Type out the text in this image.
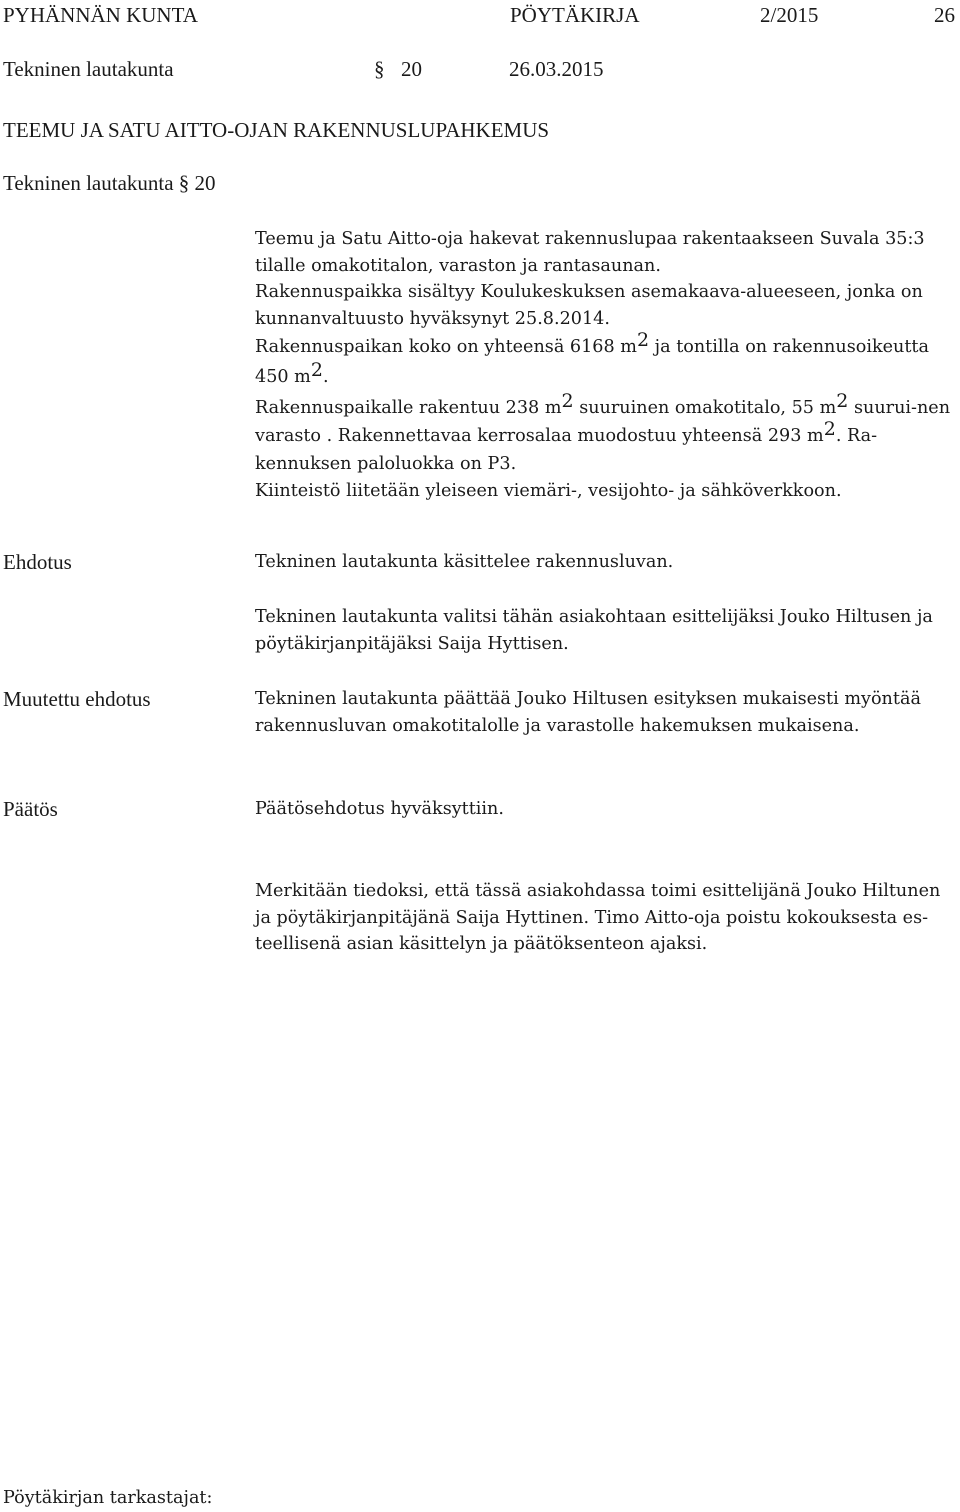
PYHÄNNÄN KUNTA	PÖYTÄKIRJA	2/2015	26
Tekninen lautakunta	§ 20	26.03.2015
TEEMU JA SATU AITTO-OJAN RAKENNUSLUPAHKEMUS
Tekninen lautakunta § 20

Teemu ja Satu Aitto-oja hakevat rakennuslupaa rakentaakseen Suvala 35:3 tilalle omakotitalon, varaston ja rantasaunan.

Rakennuspaikka sisältyy Koulukeskuksen asemakaava-alueeseen, jonka on kunnanvaltuusto hyväksynyt 25.8.2014.

Rakennuspaikan koko on yhteensä 6168 $m^2$ ja tontilla on rakennusoikeutta 450 $m^2$.

Rakennuspaikalle rakentuu 238 $m^2$ suuruinen omakotitalo, 55 $m^2$ suurui-nen varasto . Rakennettavaa kerrosalaa muodostuu yhteensä 293 $m^2$. Ra-kennuksen paloluokka on P3.

Kiinteistö liitetään yleiseen viemäri-, vesijohto- ja sähköverkkoon.

Ehdotus	Tekninen lautakunta käsittelee rakennusluvan.
Tekninen lautakunta valitsi tähän asiakohtaan esittelijäksi Jouko Hiltusen ja pöytäkirjanpitäjäksi Saija Hyttisen.
Muutettu ehdotus	Tekninen lautakunta päättää Jouko Hiltusen esityksen mukaisesti myöntää rakennusluvan omakotitalolle ja varastolle hakemuksen mukaisena.
Päätös	Päätösehdotus hyväksyttiin.
Merkitään tiedoksi, että tässä asiakohdassa toimi esittelijänä Jouko Hiltunen ja pöytäkirjanpitäjänä Saija Hyttinen. Timo Aitto-oja poistu kokouksesta es-teellisenä asian käsittelyn ja päätöksenteon ajaksi.
Pöytäkirjan tarkastajat:
